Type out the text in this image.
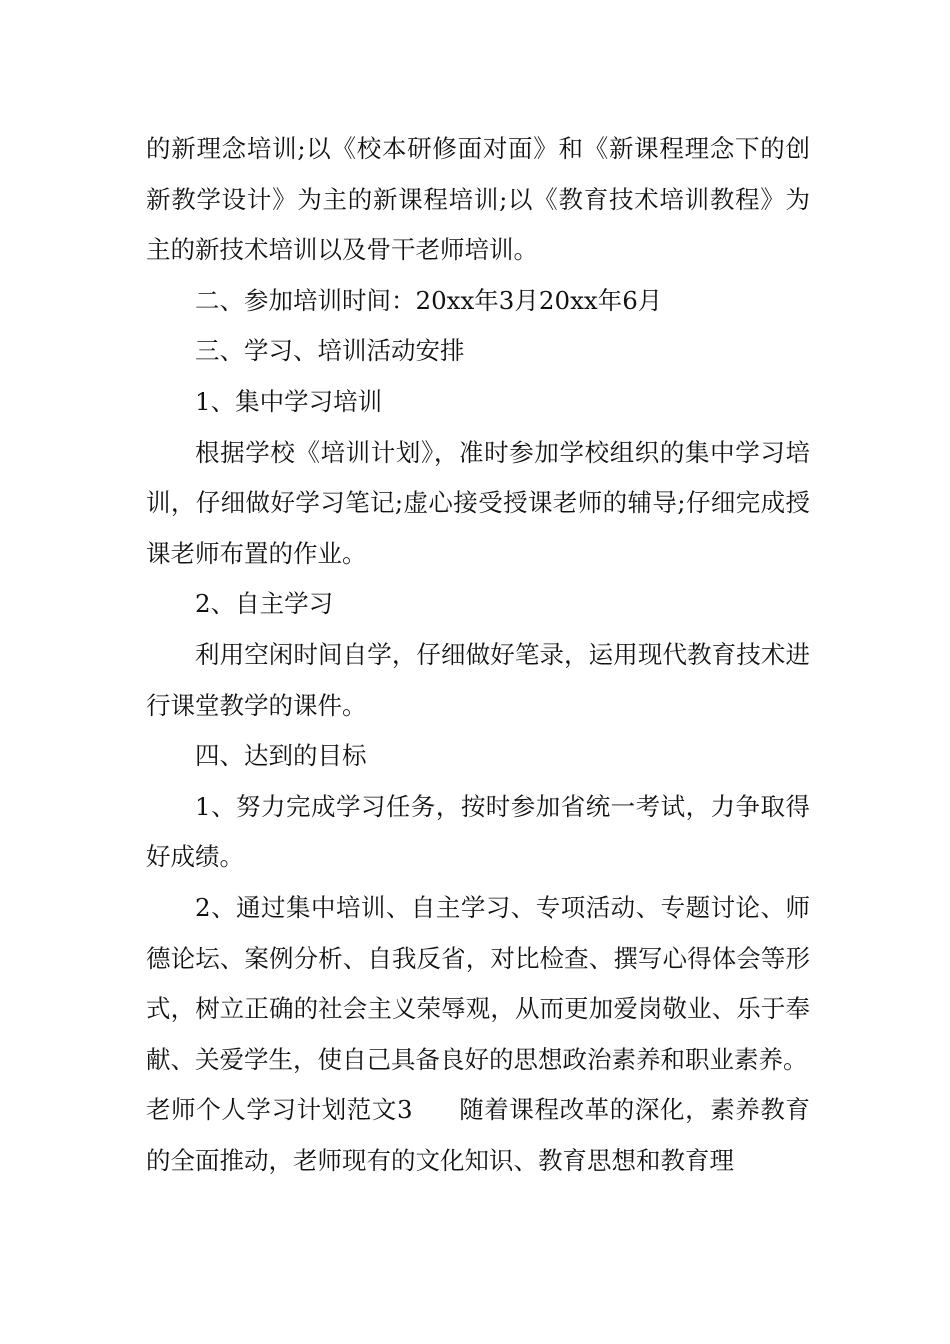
的新理念培训;以《校本研修面对面》和《新课程理念下的创新教学设计》为主的新课程培训;以《教育技术培训教程》为主的新技术培训以及骨干老师培训。

二、参加培训时间：20xx年3月20xx年6月

三、学习、培训活动安排

1、集中学习培训

根据学校《培训计划》，准时参加学校组织的集中学习培训，仔细做好学习笔记;虚心接受授课老师的辅导;仔细完成授课老师布置的作业。

2、自主学习

利用空闲时间自学，仔细做好笔录，运用现代教育技术进行课堂教学的课件。

四、达到的目标

1、努力完成学习任务，按时参加省统一考试，力争取得好成绩。

2、通过集中培训、自主学习、专项活动、专题讨论、师德论坛、案例分析、自我反省，对比检查、撰写心得体会等形式，树立正确的社会主义荣辱观，从而更加爱岗敬业、乐于奉献、关爱学生，使自己具备良好的思想政治素养和职业素养。

老师个人学习计划范文3 随着课程改革的深化，素养教育的全面推动，老师现有的文化知识、教育思想和教育理
